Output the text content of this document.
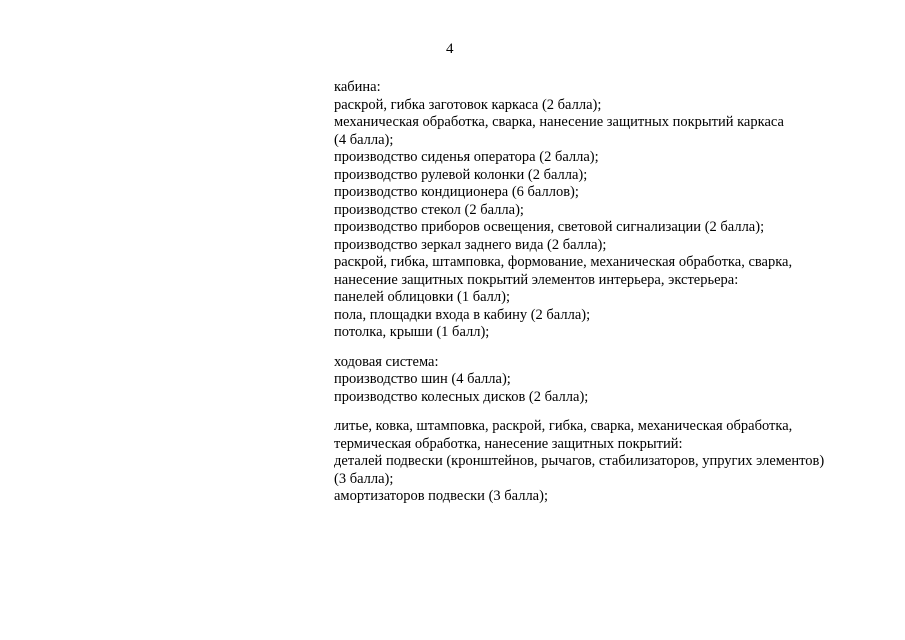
4
кабина:
раскрой, гибка заготовок каркаса (2 балла);
механическая обработка, сварка, нанесение защитных покрытий каркаса
(4 балла);
производство сиденья оператора (2 балла);
производство рулевой колонки (2 балла);
производство кондиционера (6 баллов);
производство стекол (2 балла);
производство приборов освещения, световой сигнализации (2 балла);
производство зеркал заднего вида (2 балла);
раскрой, гибка, штамповка, формование, механическая обработка, сварка,
нанесение защитных покрытий элементов интерьера, экстерьера:
панелей облицовки (1 балл);
пола, площадки входа в кабину (2 балла);
потолка, крыши (1 балл);
ходовая система:
производство шин (4 балла);
производство колесных дисков (2 балла);
литье, ковка, штамповка, раскрой, гибка, сварка, механическая обработка,
термическая обработка, нанесение защитных покрытий:
деталей подвески (кронштейнов, рычагов, стабилизаторов, упругих элементов)
(3 балла);
амортизаторов подвески (3 балла);
